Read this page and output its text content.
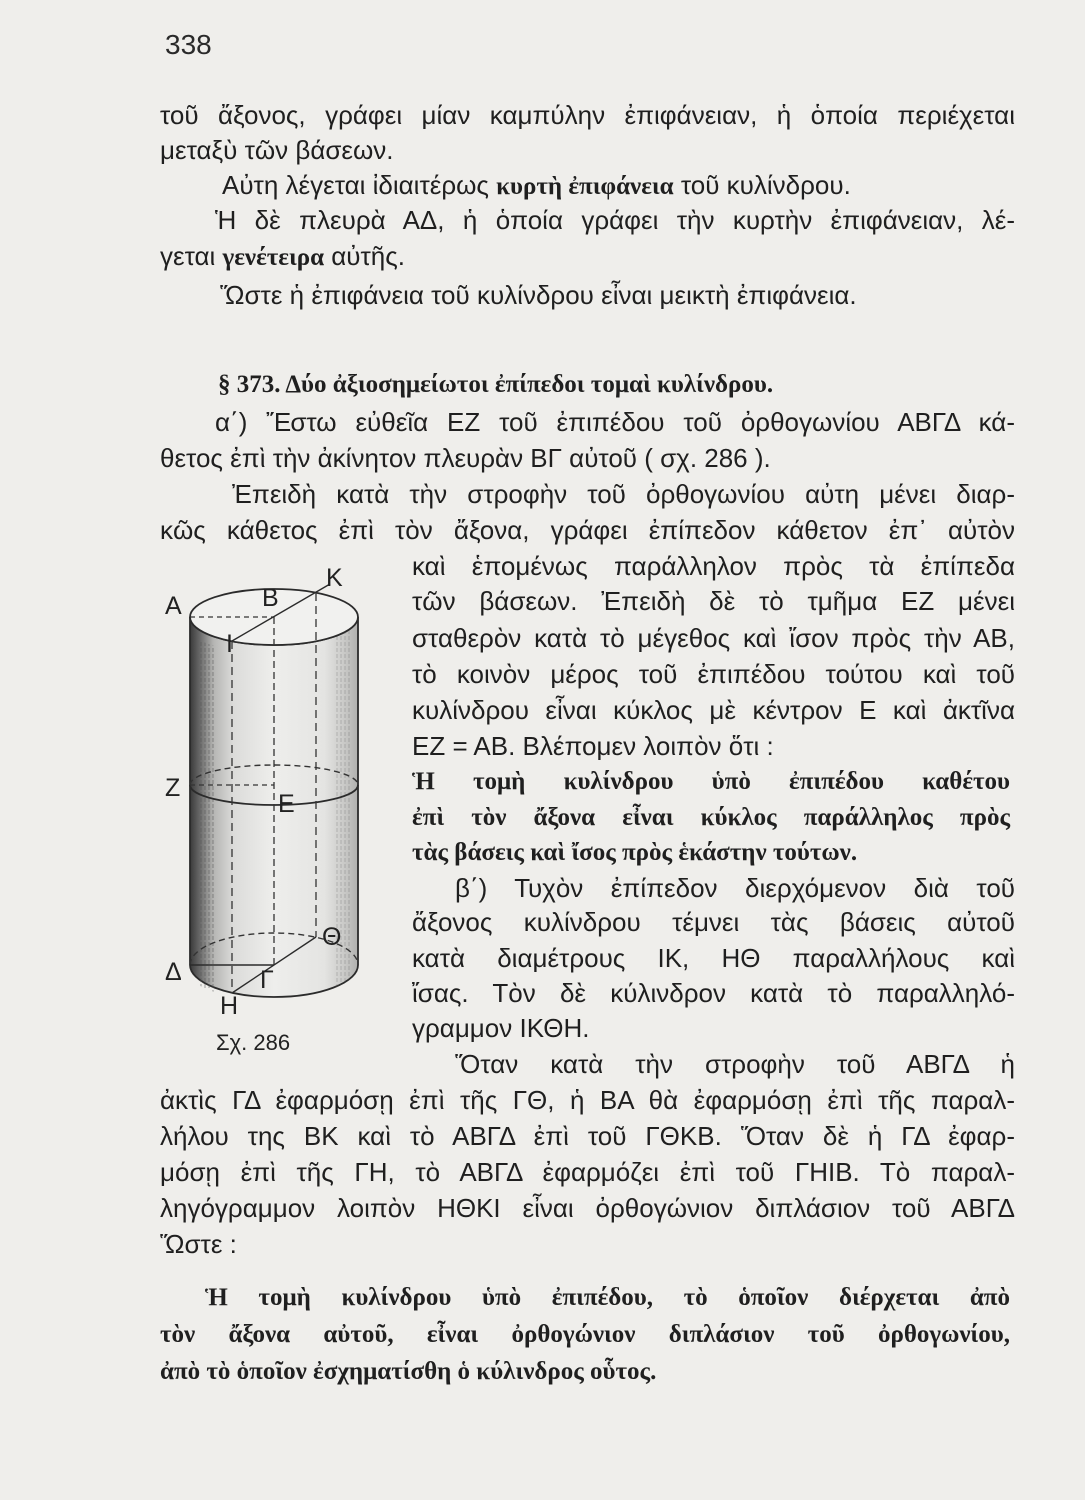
338
τοῦ ἄξονος, γράφει μίαν καμπύλην ἐπιφάνειαν, ἡ ὁποία περιέχεται
μεταξὺ τῶν βάσεων.
Αὐτη λέγεται ἰδιαιτέρως κυρτὴ ἐπιφάνεια τοῦ κυλίνδρου.
Ἡ δὲ πλευρὰ ΑΔ, ἡ ὁποία γράφει τὴν κυρτὴν ἐπιφάνειαν, λέ-
γεται γενέτειρα αὐτῆς.
Ὥστε ἡ ἐπιφάνεια τοῦ κυλίνδρου εἶναι μεικτὴ ἐπιφάνεια.
§ 373. Δύο ἀξιοσημείωτοι ἐπίπεδοι τομαὶ κυλίνδρου.
α΄) Ἔστω εὐθεῖα ΕΖ τοῦ ἐπιπέδου τοῦ ὀρθογωνίου ΑΒΓΔ κά-
θετος ἐπὶ τὴν ἀκίνητον πλευρὰν ΒΓ αὐτοῦ ( σχ. 286 ).
Ἐπειδὴ κατὰ τὴν στροφὴν τοῦ ὀρθογωνίου αὐτη μένει διαρ-
κῶς κάθετος ἐπὶ τὸν ἄξονα, γράφει ἐπίπεδον κάθετον ἐπ᾿ αὐτὸν
καὶ ἑπομένως παράλληλον πρὸς τὰ ἐπίπεδα
τῶν βάσεων. Ἐπειδὴ δὲ τὸ τμῆμα ΕΖ μένει
σταθερὸν κατὰ τὸ μέγεθος καὶ ἴσον πρὸς τὴν ΑΒ,
τὸ κοινὸν μέρος τοῦ ἐπιπέδου τούτου καὶ τοῦ
κυλίνδρου εἶναι κύκλος μὲ κέντρον Ε καὶ ἀκτῖνα
ΕΖ = ΑΒ. Βλέπομεν λοιπὸν ὅτι :
Ἡ τομὴ κυλίνδρου ὑπὸ ἐπιπέδου καθέτου
ἐπὶ τὸν ἄξονα εἶναι κύκλος παράλληλος πρὸς
τὰς βάσεις καὶ ἴσος πρὸς ἑκάστην τούτων.
β΄) Τυχὸν ἐπίπεδον διερχόμενον διὰ τοῦ
ἄξονος κυλίνδρου τέμνει τὰς βάσεις αὐτοῦ
κατὰ διαμέτρους ΙΚ, ΗΘ παραλλήλους καὶ
ἴσας. Τὸν δὲ κύλινδρον κατὰ τὸ παραλληλό-
γραμμον ΙΚΘΗ.
Ὅταν κατὰ τὴν στροφὴν τοῦ ΑΒΓΔ ἡ
ἀκτὶς ΓΔ ἐφαρμόσῃ ἐπὶ τῆς ΓΘ, ἡ ΒΑ θὰ ἐφαρμόσῃ ἐπὶ τῆς παραλ-
λήλου της ΒΚ καὶ τὸ ΑΒΓΔ ἐπὶ τοῦ ΓΘΚΒ. Ὅταν δὲ ἡ ΓΔ ἐφαρ-
μόσῃ ἐπὶ τῆς ΓΗ, τὸ ΑΒΓΔ ἐφαρμόζει ἐπὶ τοῦ ΓΗΙΒ. Τὸ παραλ-
ληγόγραμμον λοιπὸν ΗΘΚΙ εἶναι ὀρθογώνιον διπλάσιον τοῦ ΑΒΓΔ
Ὥστε :
Ἡ τομὴ κυλίνδρου ὑπὸ ἐπιπέδου, τὸ ὁποῖον διέρχεται ἀπὸ
τὸν ἄξονα αὐτοῦ, εἶναι ὀρθογώνιον διπλάσιον τοῦ ὀρθογωνίου,
ἀπὸ τὸ ὁποῖον ἐσχηματίσθη ὁ κύλινδρος οὗτος.
Α	Β
Κ
Ι
Ζ
Ε
Θ
Δ	Γ
Η
Σχ. 286
